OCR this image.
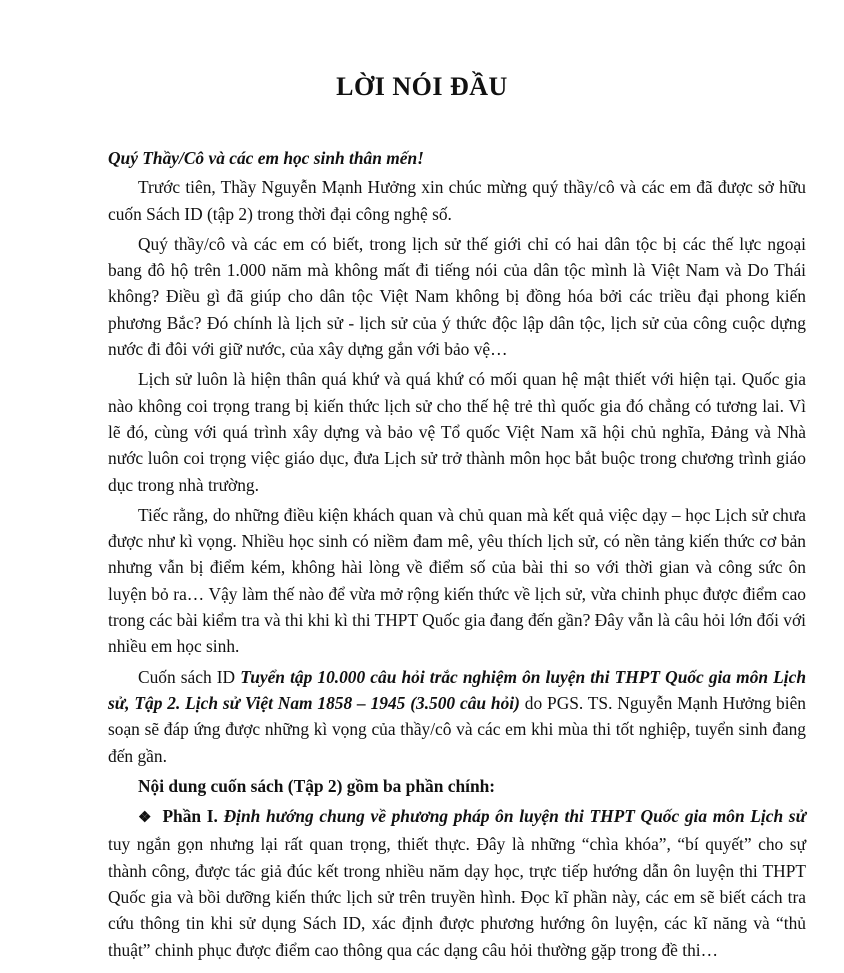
LỜI NÓI ĐẦU

Quý Thầy/Cô và các em học sinh thân mến!

Trước tiên, Thầy Nguyễn Mạnh Hưởng xin chúc mừng quý thầy/cô và các em đã được sở hữu cuốn Sách ID (tập 2) trong thời đại công nghệ số.

Quý thầy/cô và các em có biết, trong lịch sử thế giới chỉ có hai dân tộc bị các thế lực ngoại bang đô hộ trên 1.000 năm mà không mất đi tiếng nói của dân tộc mình là Việt Nam và Do Thái không? Điều gì đã giúp cho dân tộc Việt Nam không bị đồng hóa bởi các triều đại phong kiến phương Bắc? Đó chính là lịch sử - lịch sử của ý thức độc lập dân tộc, lịch sử của công cuộc dựng nước đi đôi với giữ nước, của xây dựng gắn với bảo vệ…

Lịch sử luôn là hiện thân quá khứ và quá khứ có mối quan hệ mật thiết với hiện tại. Quốc gia nào không coi trọng trang bị kiến thức lịch sử cho thế hệ trẻ thì quốc gia đó chẳng có tương lai. Vì lẽ đó, cùng với quá trình xây dựng và bảo vệ Tổ quốc Việt Nam xã hội chủ nghĩa, Đảng và Nhà nước luôn coi trọng việc giáo dục, đưa Lịch sử trở thành môn học bắt buộc trong chương trình giáo dục trong nhà trường.

Tiếc rằng, do những điều kiện khách quan và chủ quan mà kết quả việc dạy – học Lịch sử chưa được như kì vọng. Nhiều học sinh có niềm đam mê, yêu thích lịch sử, có nền tảng kiến thức cơ bản nhưng vẫn bị điểm kém, không hài lòng về điểm số của bài thi so với thời gian và công sức ôn luyện bỏ ra… Vậy làm thế nào để vừa mở rộng kiến thức về lịch sử, vừa chinh phục được điểm cao trong các bài kiểm tra và thi khi kì thi THPT Quốc gia đang đến gần? Đây vẫn là câu hỏi lớn đối với nhiều em học sinh.

Cuốn sách ID Tuyển tập 10.000 câu hỏi trắc nghiệm ôn luyện thi THPT Quốc gia môn Lịch sử, Tập 2. Lịch sử Việt Nam 1858 – 1945 (3.500 câu hỏi) do PGS. TS. Nguyễn Mạnh Hưởng biên soạn sẽ đáp ứng được những kì vọng của thầy/cô và các em khi mùa thi tốt nghiệp, tuyển sinh đang đến gần.

Nội dung cuốn sách (Tập 2) gồm ba phần chính:

❖ Phần I. Định hướng chung về phương pháp ôn luyện thi THPT Quốc gia môn Lịch sử tuy ngắn gọn nhưng lại rất quan trọng, thiết thực. Đây là những “chìa khóa”, “bí quyết” cho sự thành công, được tác giả đúc kết trong nhiều năm dạy học, trực tiếp hướng dẫn ôn luyện thi THPT Quốc gia và bồi dưỡng kiến thức lịch sử trên truyền hình. Đọc kĩ phần này, các em sẽ biết cách tra cứu thông tin khi sử dụng Sách ID, xác định được phương hướng ôn luyện, các kĩ năng và “thủ thuật” chinh phục được điểm cao thông qua các dạng câu hỏi thường gặp trong đề thi…
